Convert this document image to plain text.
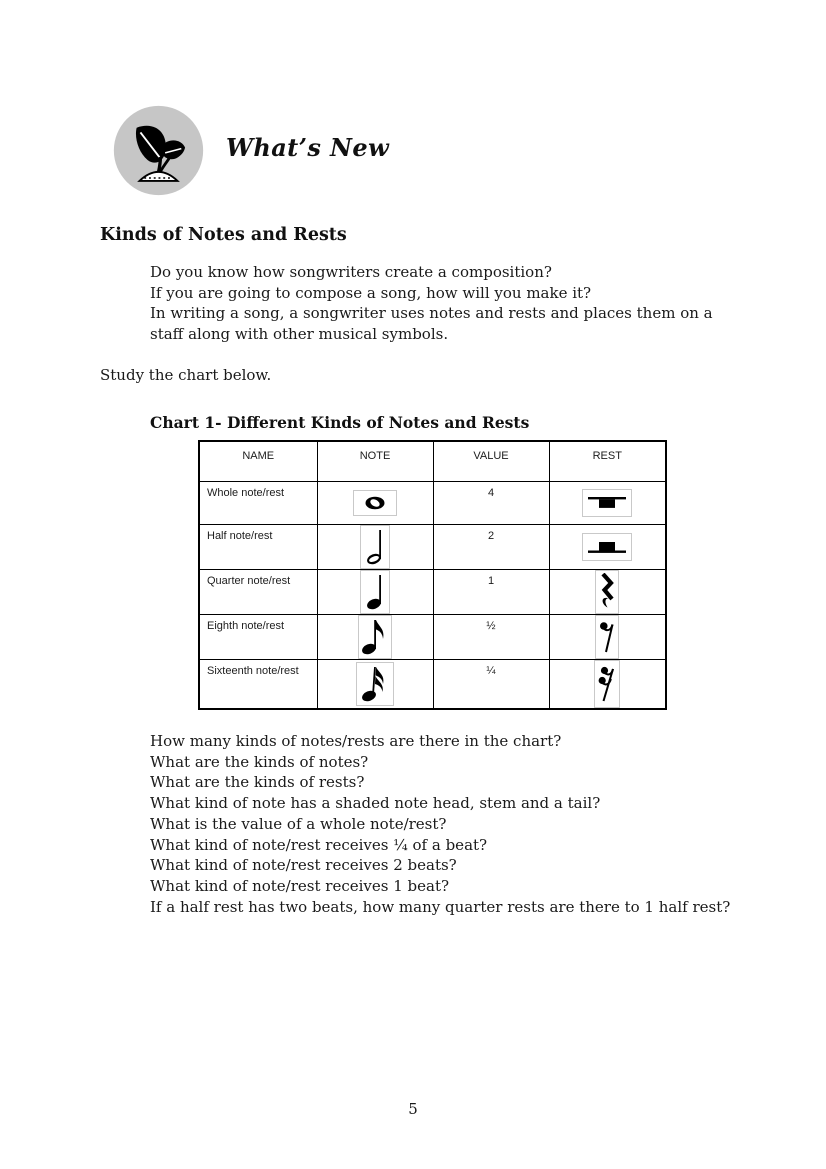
What’s New
Kinds of Notes and Rests
Do you know how songwriters create a composition?
If you are going to compose a song, how will you make it?
In writing a song, a songwriter uses notes and rests and places them on a
staff along with other musical symbols.
Study the chart below.
Chart 1- Different Kinds of Notes and Rests
NAME	NOTE	VALUE	REST
Whole note/rest		4	
Half note/rest		2	
Quarter note/rest		1	
Eighth note/rest		½	
Sixteenth note/rest		¼	
How many kinds of notes/rests are there in the chart?
What are the kinds of notes?
What are the kinds of rests?
What kind of note has a shaded note head, stem and a tail?
What is the value of a whole note/rest?
What kind of note/rest receives ¼ of a beat?
What kind of note/rest receives 2 beats?
What kind of note/rest receives 1 beat?
If a half rest has two beats, how many quarter rests are there to 1 half rest?
5
